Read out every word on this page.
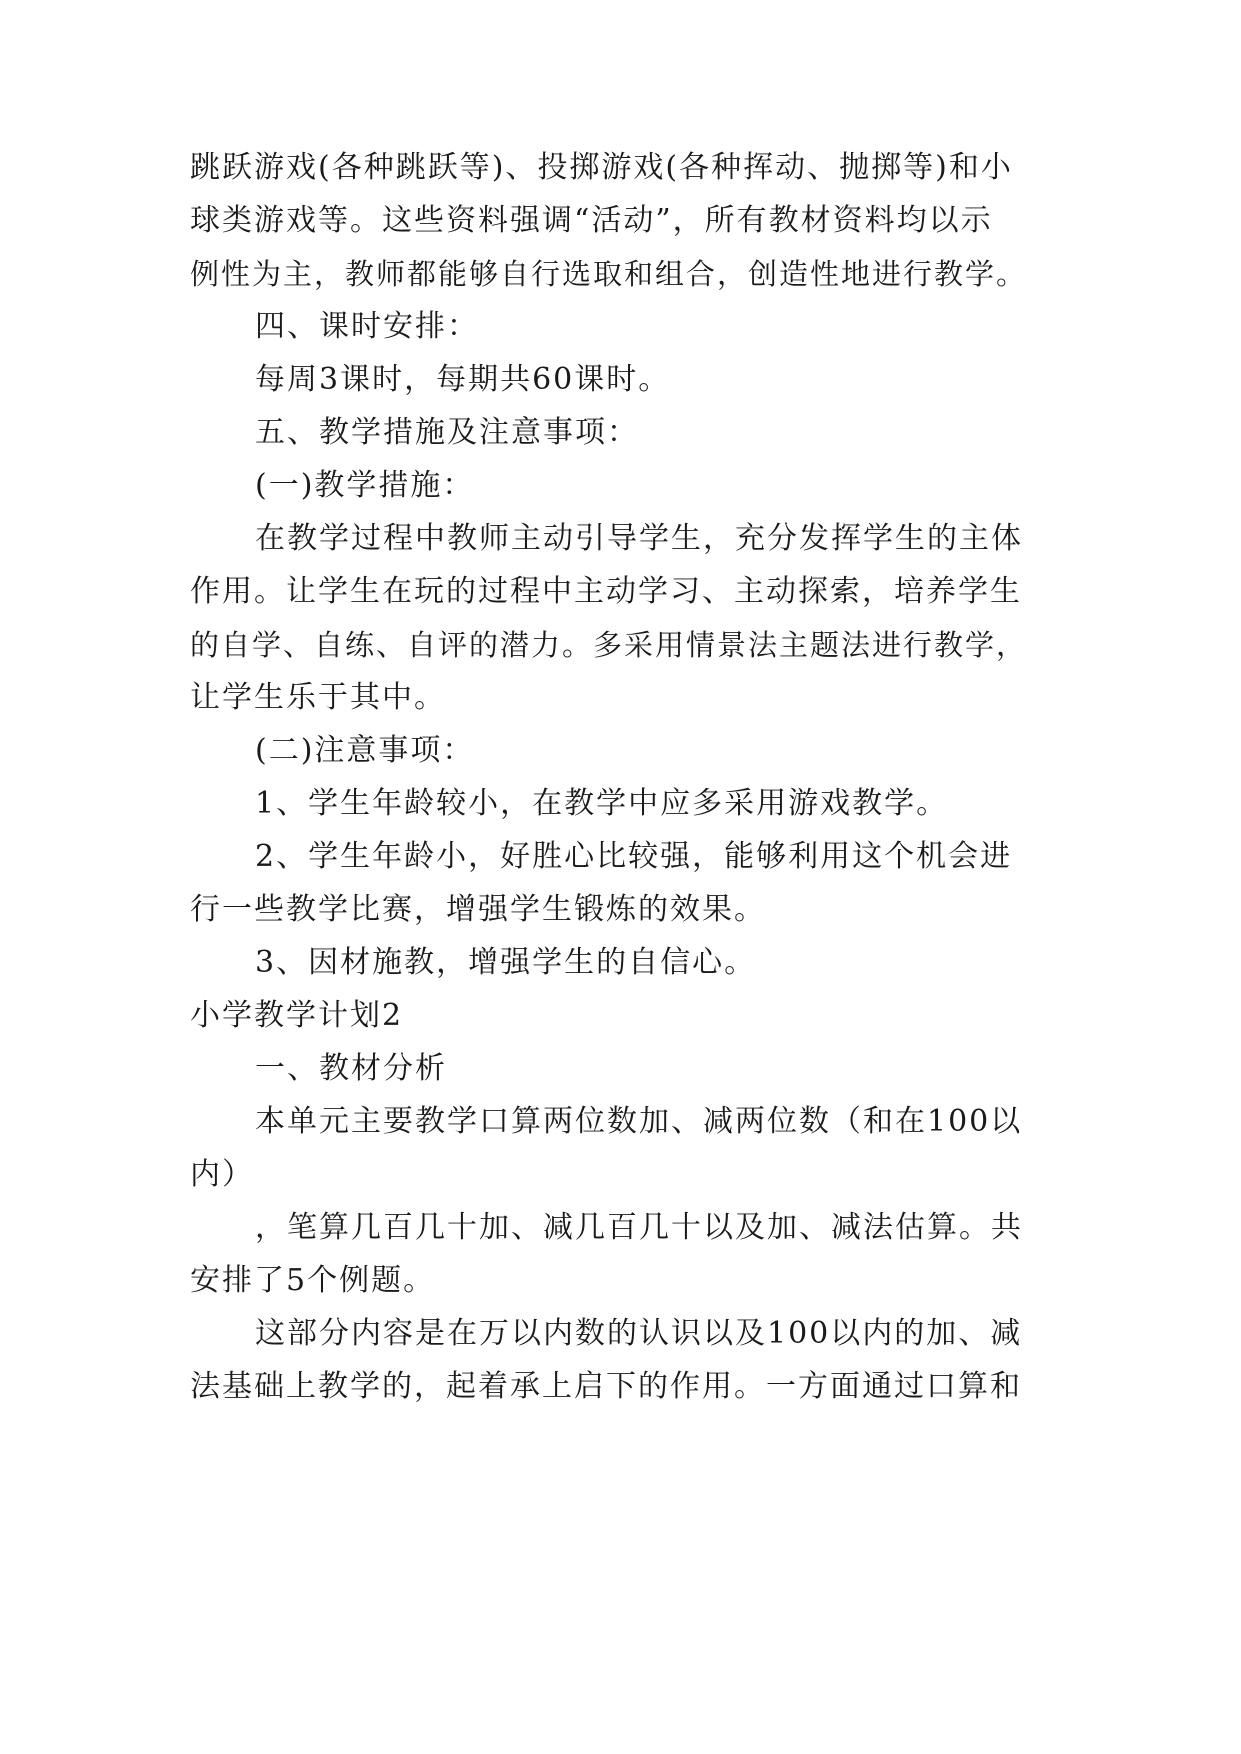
跳跃游戏(各种跳跃等)、投掷游戏(各种挥动、抛掷等)和小
球类游戏等。这些资料强调“活动”，所有教材资料均以示
例性为主，教师都能够自行选取和组合，创造性地进行教学。
四、课时安排：
每周3课时，每期共60课时。
五、教学措施及注意事项：
(一)教学措施：
在教学过程中教师主动引导学生，充分发挥学生的主体
作用。让学生在玩的过程中主动学习、主动探索，培养学生
的自学、自练、自评的潜力。多采用情景法主题法进行教学，
让学生乐于其中。
(二)注意事项：
1、学生年龄较小，在教学中应多采用游戏教学。
2、学生年龄小，好胜心比较强，能够利用这个机会进
行一些教学比赛，增强学生锻炼的效果。
3、因材施教，增强学生的自信心。
小学教学计划2
一、教材分析
本单元主要教学口算两位数加、减两位数（和在100以
内）
，笔算几百几十加、减几百几十以及加、减法估算。共
安排了5个例题。
这部分内容是在万以内数的认识以及100以内的加、减
法基础上教学的，起着承上启下的作用。一方面通过口算和
